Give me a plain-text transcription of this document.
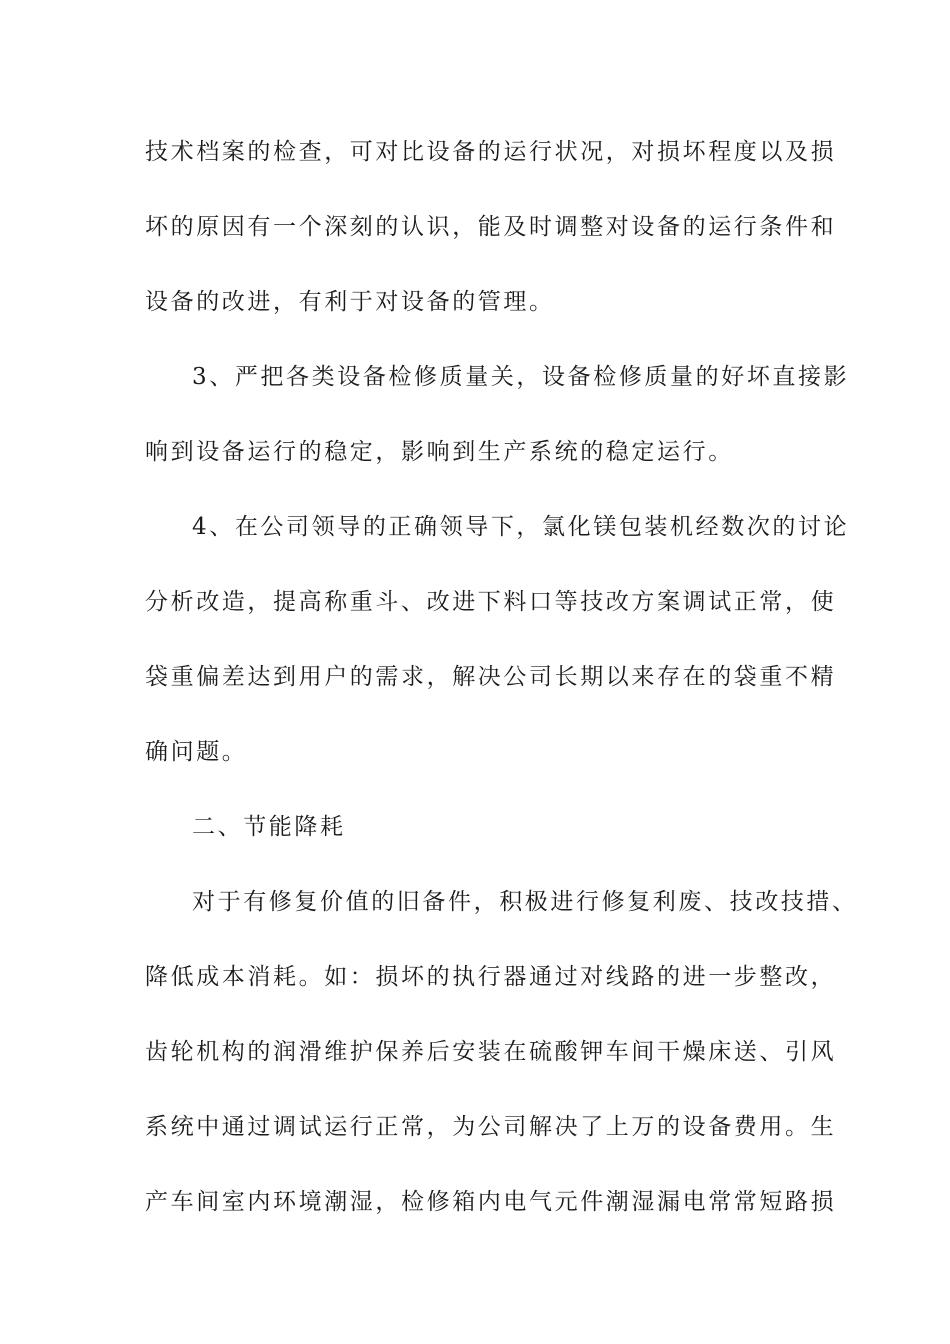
技术档案的检查，可对比设备的运行状况，对损坏程度以及损
坏的原因有一个深刻的认识，能及时调整对设备的运行条件和
设备的改进，有利于对设备的管理。
3、严把各类设备检修质量关，设备检修质量的好坏直接影
响到设备运行的稳定，影响到生产系统的稳定运行。
4、在公司领导的正确领导下，氯化镁包装机经数次的讨论
分析改造，提高称重斗、改进下料口等技改方案调试正常，使
袋重偏差达到用户的需求，解决公司长期以来存在的袋重不精
确问题。
二、节能降耗
对于有修复价值的旧备件，积极进行修复利废、技改技措、
降低成本消耗。如：损坏的执行器通过对线路的进一步整改，
齿轮机构的润滑维护保养后安装在硫酸钾车间干燥床送、引风
系统中通过调试运行正常，为公司解决了上万的设备费用。生
产车间室内环境潮湿，检修箱内电气元件潮湿漏电常常短路损
